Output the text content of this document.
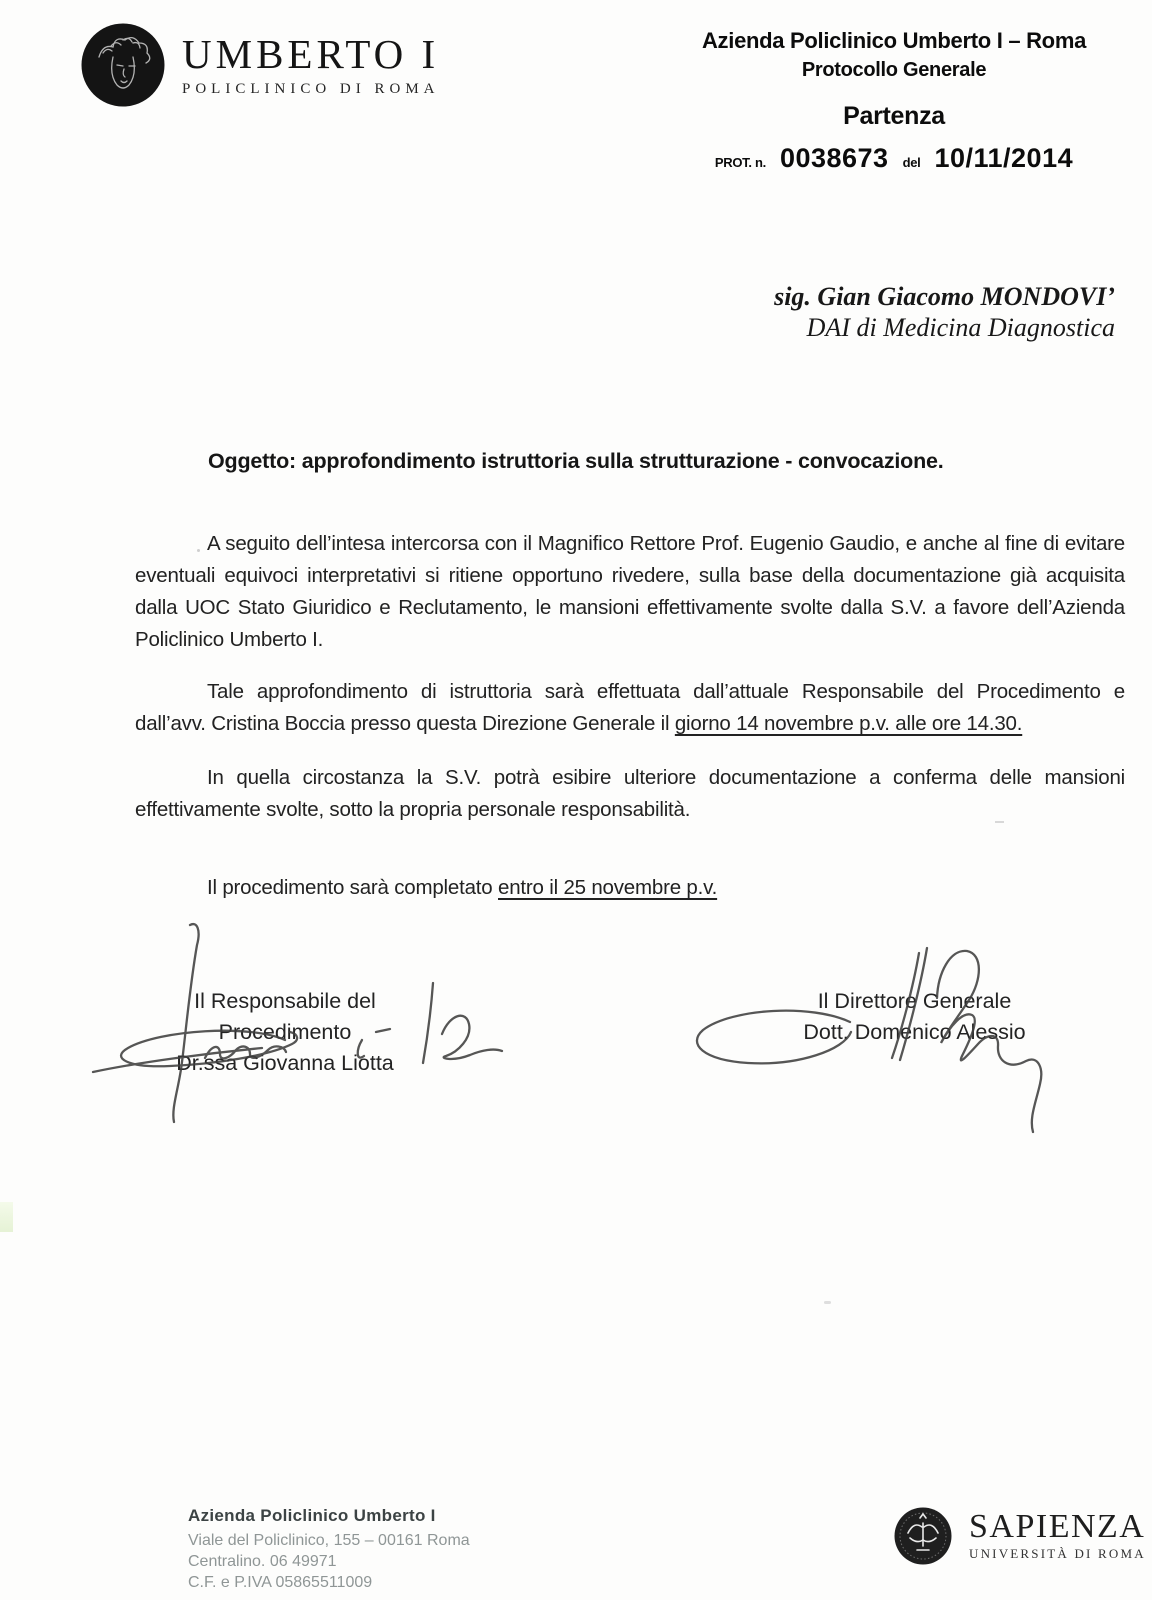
UMBERTO I
POLICLINICO DI ROMA
Azienda Policlinico Umberto I – Roma
Protocollo Generale
Partenza
PROT. n. 0038673 del 10/11/2014
sig. Gian Giacomo MONDOVI’
DAI di Medicina Diagnostica
Oggetto: approfondimento istruttoria sulla strutturazione - convocazione.

A seguito dell’intesa intercorsa con il Magnifico Rettore Prof. Eugenio Gaudio, e anche al fine di evitare eventuali equivoci interpretativi si ritiene opportuno rivedere, sulla base della documentazione già acquisita dalla UOC Stato Giuridico e Reclutamento, le mansioni effettivamente svolte dalla S.V. a favore dell’Azienda Policlinico Umberto I.

Tale approfondimento di istruttoria sarà effettuata dall’attuale Responsabile del Procedimento e dall’avv. Cristina Boccia presso questa Direzione Generale il giorno 14 novembre p.v. alle ore 14.30.

In quella circostanza la S.V. potrà esibire ulteriore documentazione a conferma delle mansioni effettivamente svolte, sotto la propria personale responsabilità.

Il procedimento sarà completato entro il 25 novembre p.v.

Il Responsabile del Procedimento
Dr.ssa Giovanna Liotta
Il Direttore Generale
Dott. Domenico Alessio
Azienda Policlinico Umberto I
Viale del Policlinico, 155 – 00161 Roma
Centralino. 06 49971
C.F. e P.IVA 05865511009
SAPIENZA
UNIVERSITÀ DI ROMA
